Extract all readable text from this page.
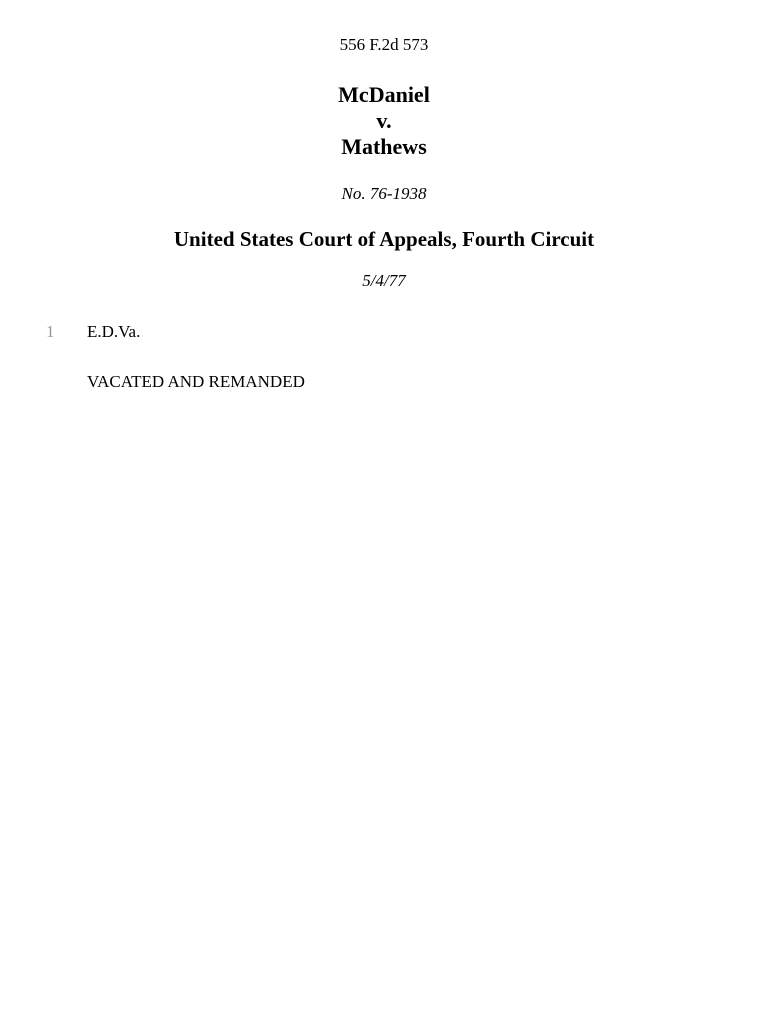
556 F.2d 573
McDaniel
v.
Mathews
No. 76-1938
United States Court of Appeals, Fourth Circuit
5/4/77
1 E.D.Va.
VACATED AND REMANDED
